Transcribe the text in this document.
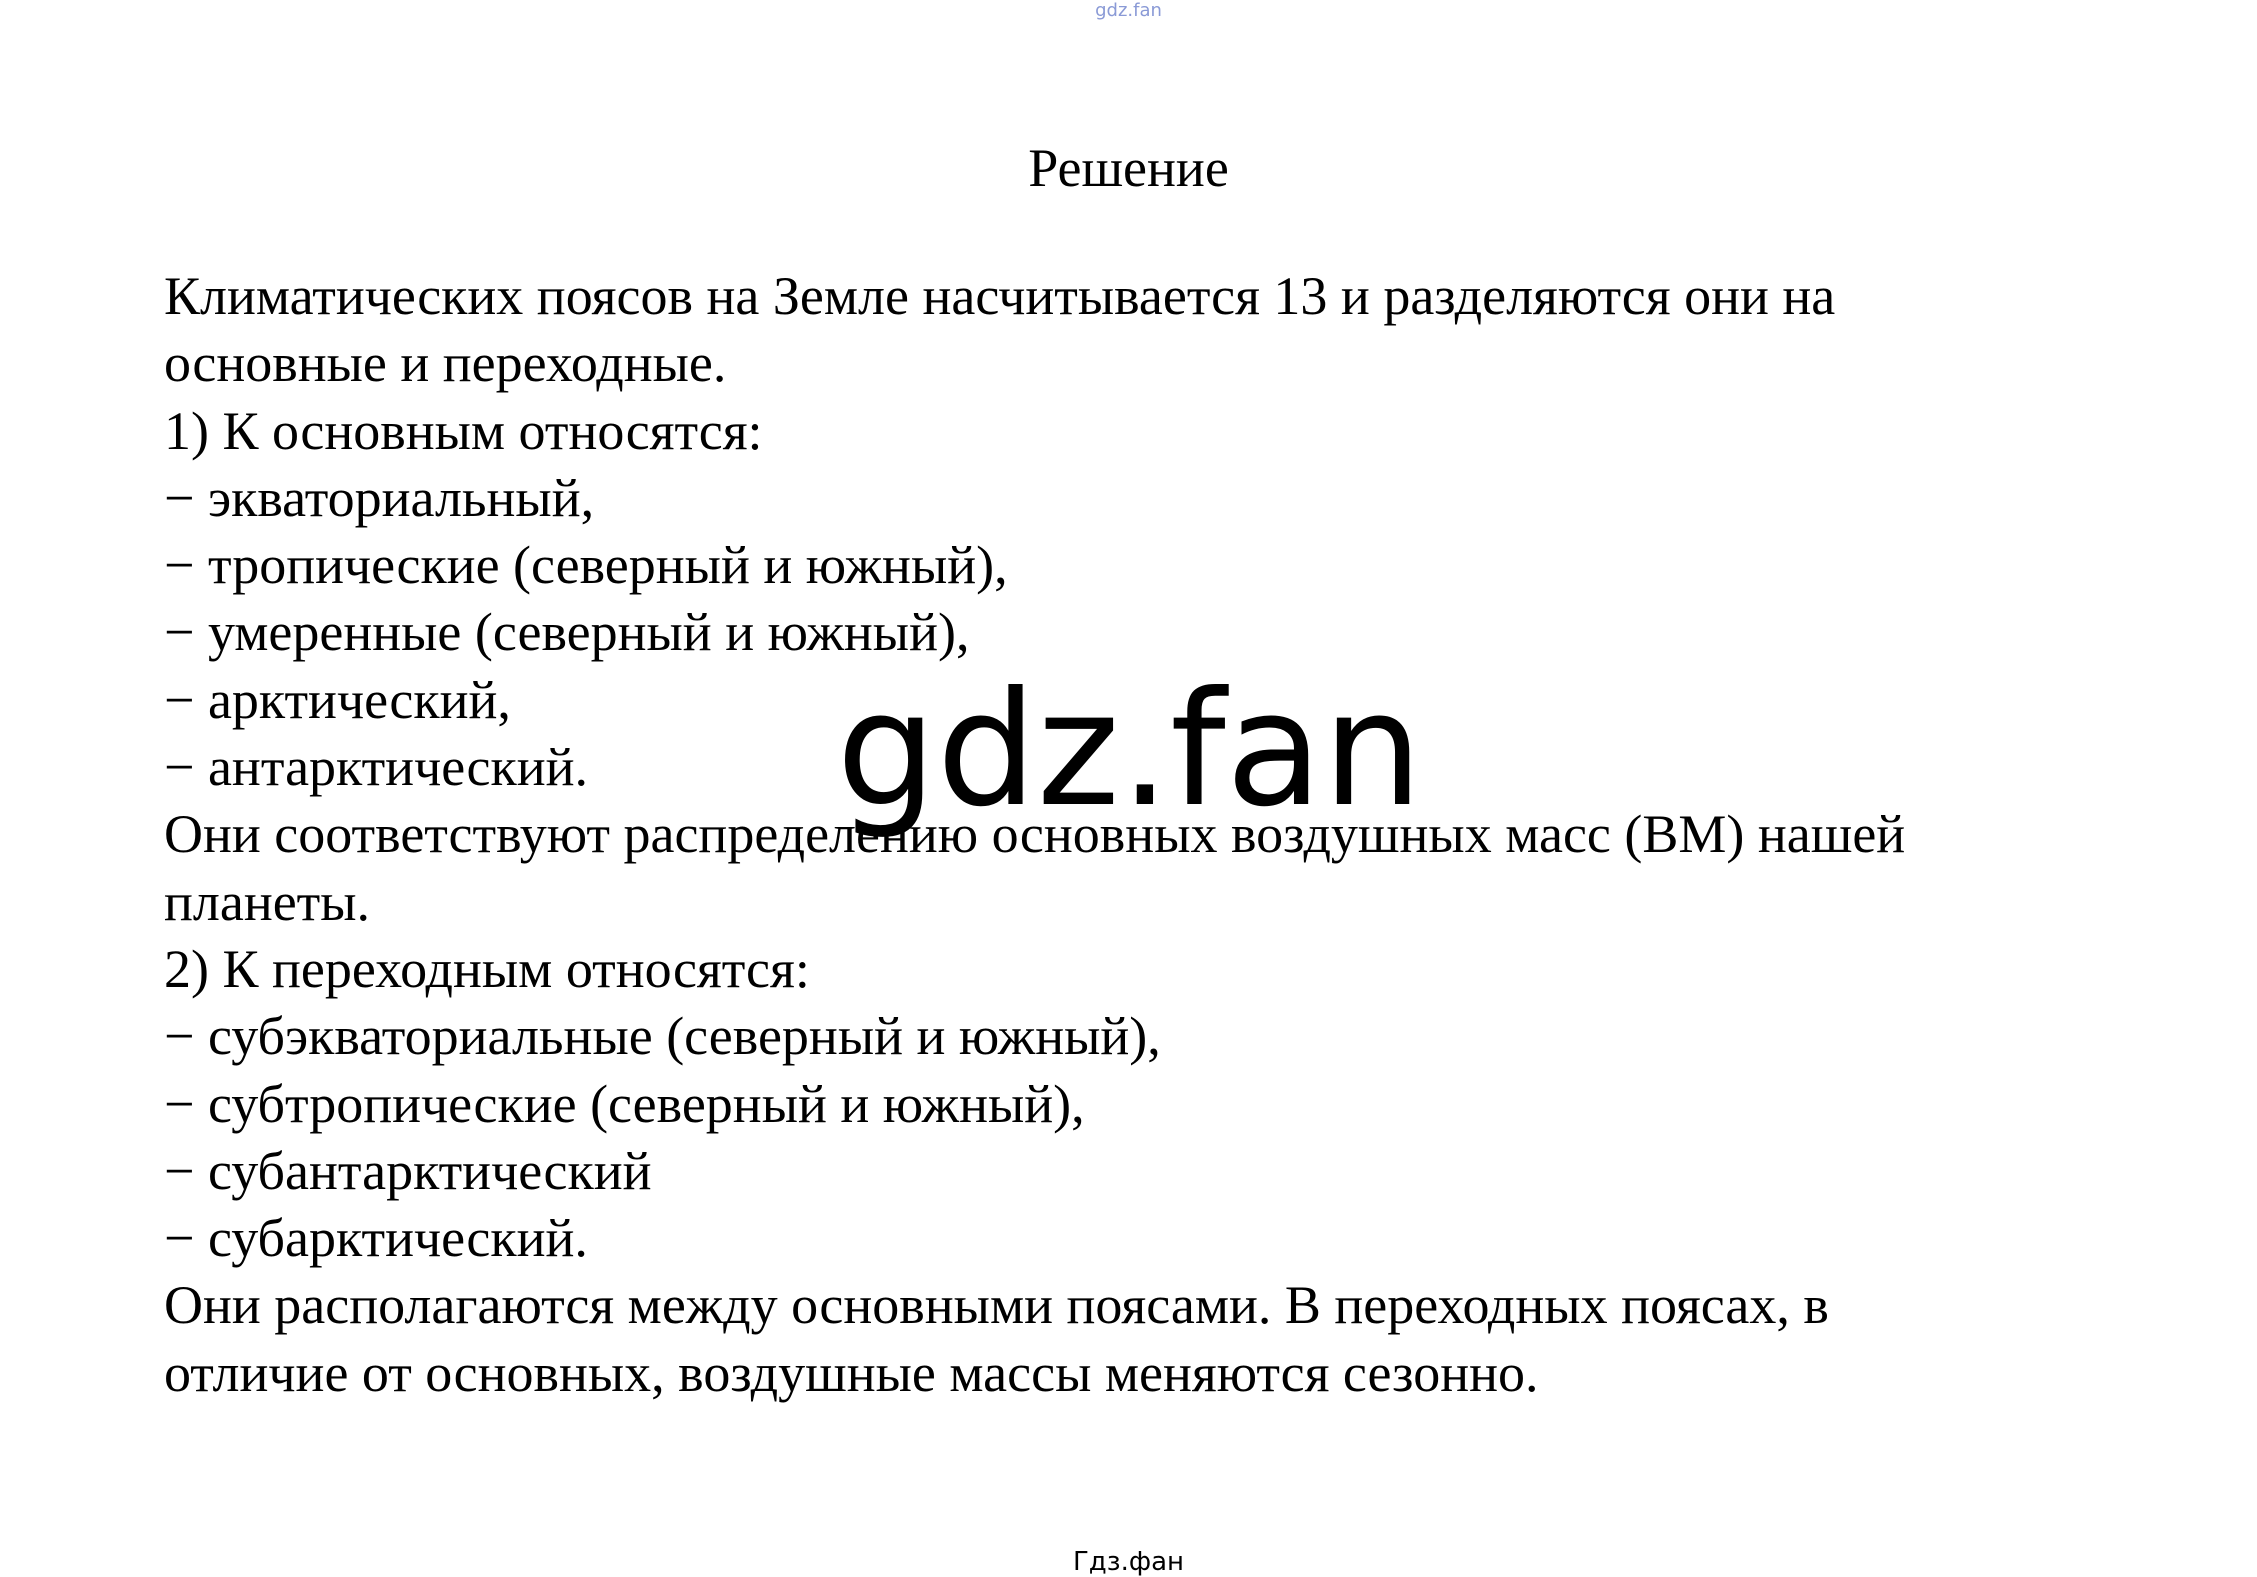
gdz.fan
Решение
Климатических поясов на Земле насчитывается 13 и разделяются они на
основные и переходные.
1) К основным относятся:
− экваториальный,
− тропические (северный и южный),
− умеренные (северный и южный),
− арктический,
− антарктический.
Они соответствуют распределению основных воздушных масс (ВМ) нашей
планеты.
2) К переходным относятся:
− субэкваториальные (северный и южный),
− субтропические (северный и южный),
− субантарктический
− субарктический.
Они располагаются между основными поясами. В переходных поясах, в
отличие от основных, воздушные массы меняются сезонно.
gdz.fan
Гдз.фан
